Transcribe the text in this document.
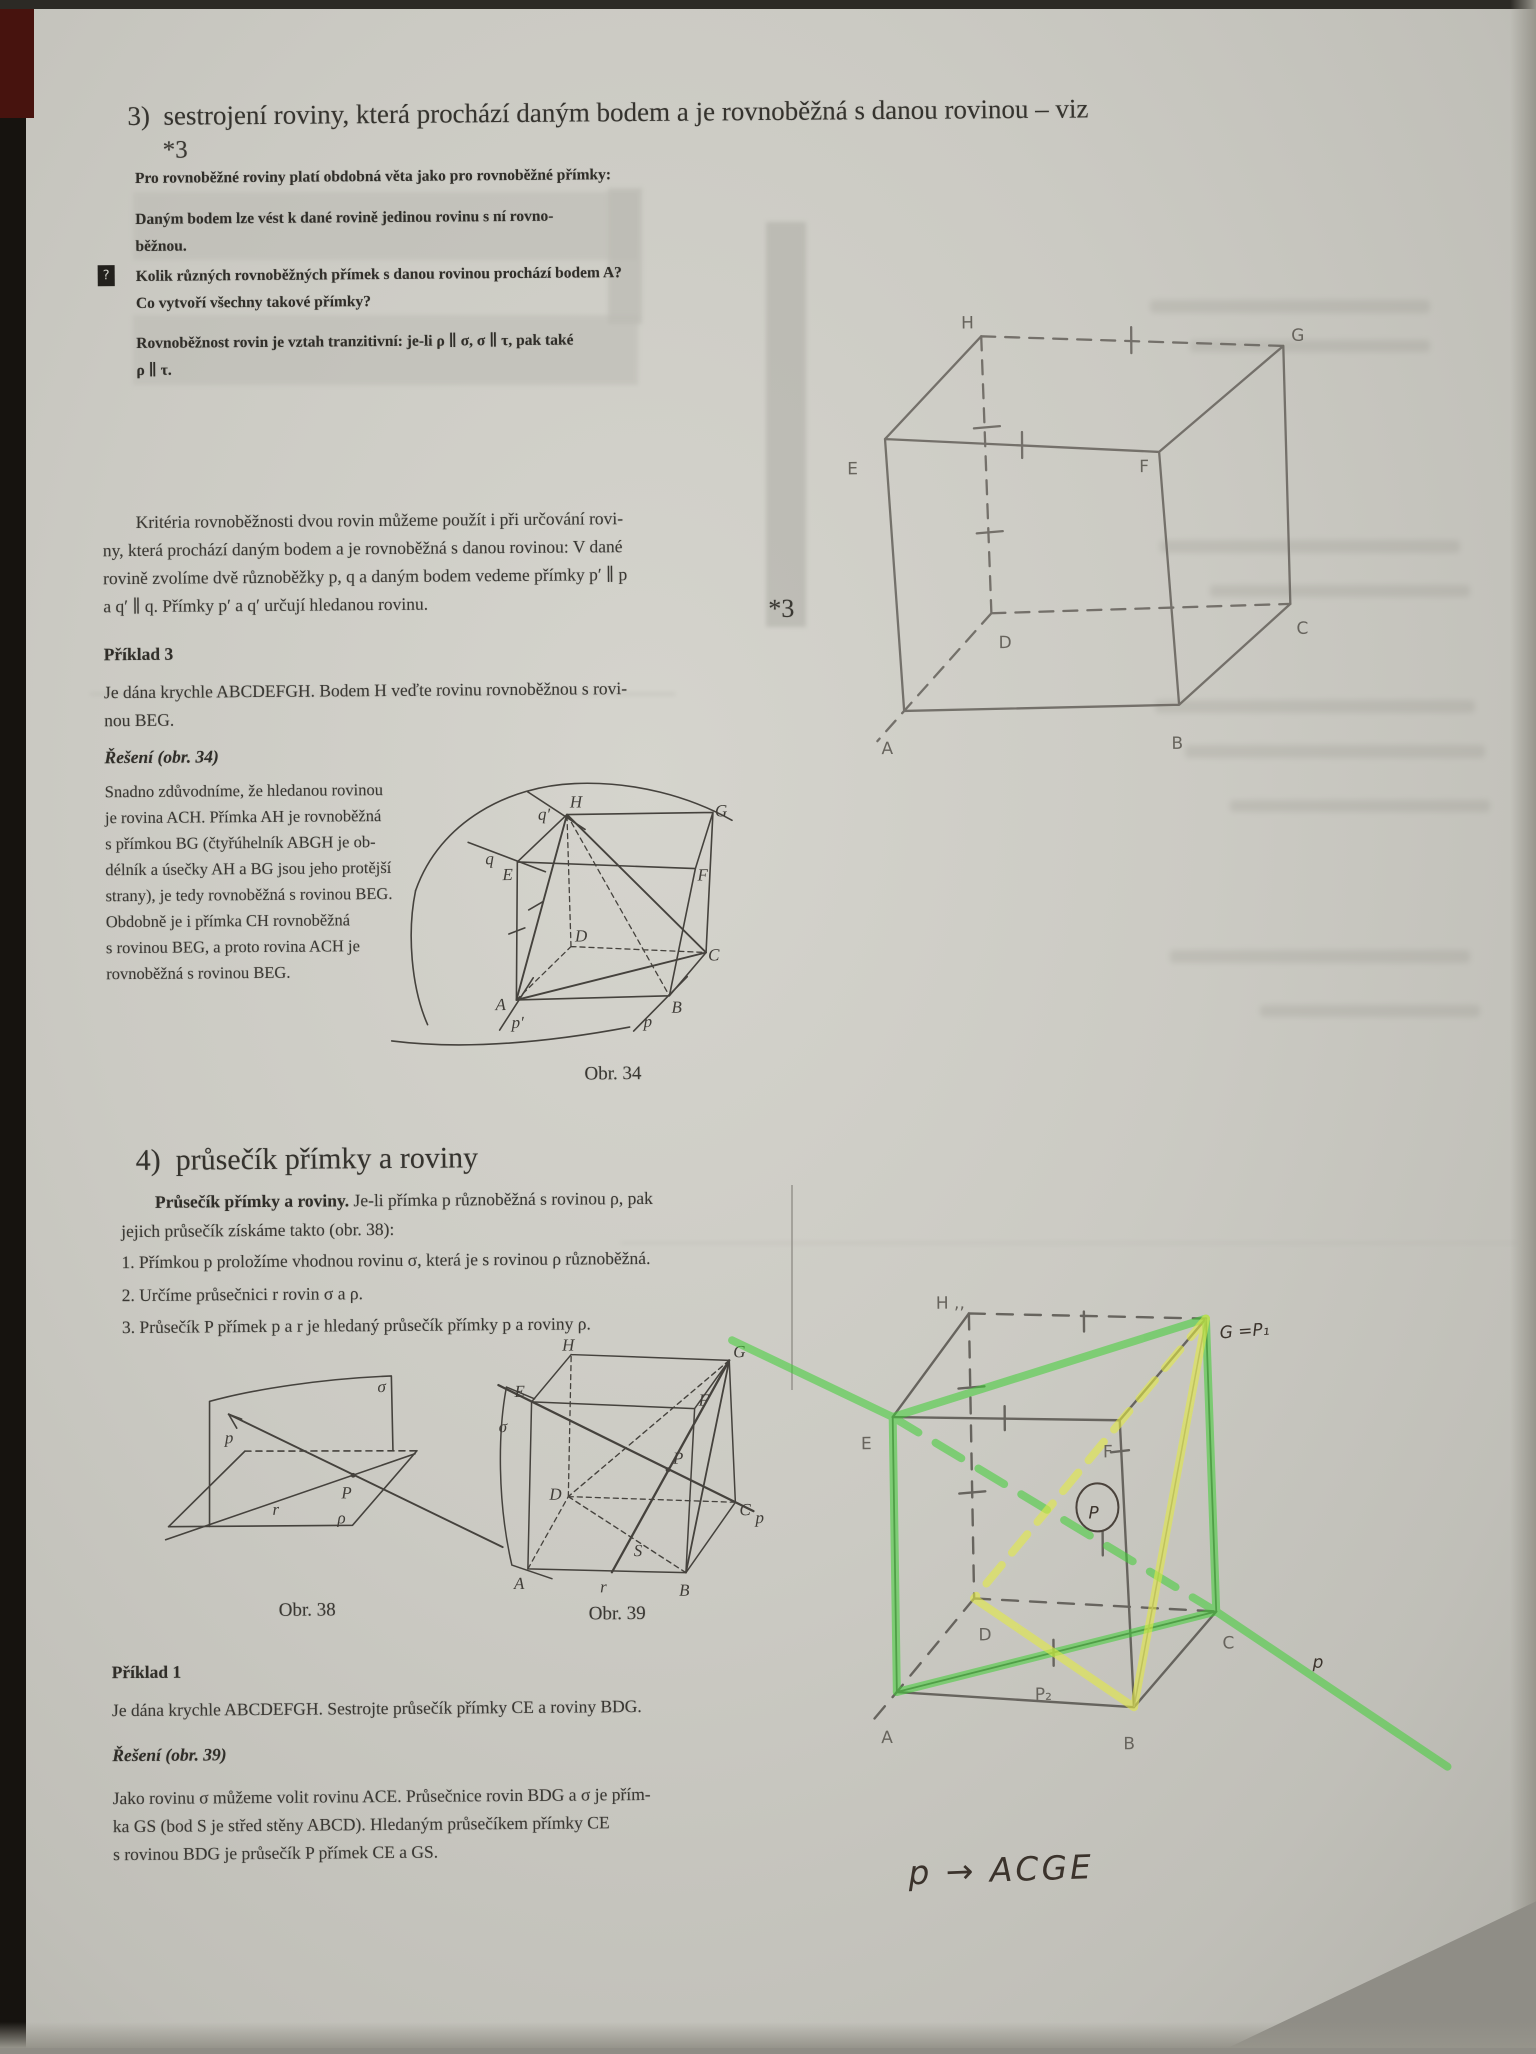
3) sestrojení roviny, která prochází daným bodem a je rovnoběžná s danou rovinou – viz
*3
Pro rovnoběžné roviny platí obdobná věta jako pro rovnoběžné přímky:
Daným bodem lze vést k dané rovině jedinou rovinu s ní rovno-
běžnou.
?	Kolik různých rovnoběžných přímek s danou rovinou prochází bodem A?
Co vytvoří všechny takové přímky?
Rovnoběžnost rovin je vztah tranzitivní: je-li ρ ∥ σ, σ ∥ τ, pak také
ρ ∥ τ.
Kritéria rovnoběžnosti dvou rovin můžeme použít i při určování rovi-
ny, která prochází daným bodem a je rovnoběžná s danou rovinou: V dané
rovině zvolíme dvě různoběžky p, q a daným bodem vedeme přímky p′ ∥ p
a q′ ∥ q. Přímky p′ a q′ určují hledanou rovinu.	*3
Příklad 3
Je dána krychle ABCDEFGH. Bodem H veďte rovinu rovnoběžnou s rovi-
nou BEG.
Řešení (obr. 34)
Snadno zdůvodníme, že hledanou rovinou
je rovina ACH. Přímka AH je rovnoběžná
s přímkou BG (čtyřúhelník ABGH je ob-
délník a úsečky AH a BG jsou jeho protější
strany), je tedy rovnoběžná s rovinou BEG.
Obdobně je i přímka CH rovnoběžná
s rovinou BEG, a proto rovina ACH je
rovnoběžná s rovinou BEG.
q′
H	G
q
E	F
D
C
A	B
p′	p
Obr. 34
H
G
E	F
D
C
A	B
4) průsečík přímky a roviny
Průsečík přímky a roviny. Je-li přímka p různoběžná s rovinou ρ, pak
jejich průsečík získáme takto (obr. 38):
1. Přímkou p proložíme vhodnou rovinu σ, která je s rovinou ρ různoběžná.
2. Určíme průsečnici r rovin σ a ρ.
3. Průsečík P přímek p a r je hledaný průsečík přímky p a roviny ρ.
σ
p
P
r	ρ
Obr. 38
H	G
E	F
σ
P
D
C p
S
A	B
r
Obr. 39
Příklad 1
Je dána krychle ABCDEFGH. Sestrojte průsečík přímky CE a roviny BDG.
Řešení (obr. 39)
Jako rovinu σ můžeme volit rovinu ACE. Průsečnice rovin BDG a σ je přím-
ka GS (bod S je střed stěny ABCD). Hledaným průsečíkem přímky CE
s rovinou BDG je průsečík P přímek CE a GS.
H ,,
G =P₁
E	F
P
D	C
P₂
A	B
p
p → ACGE
